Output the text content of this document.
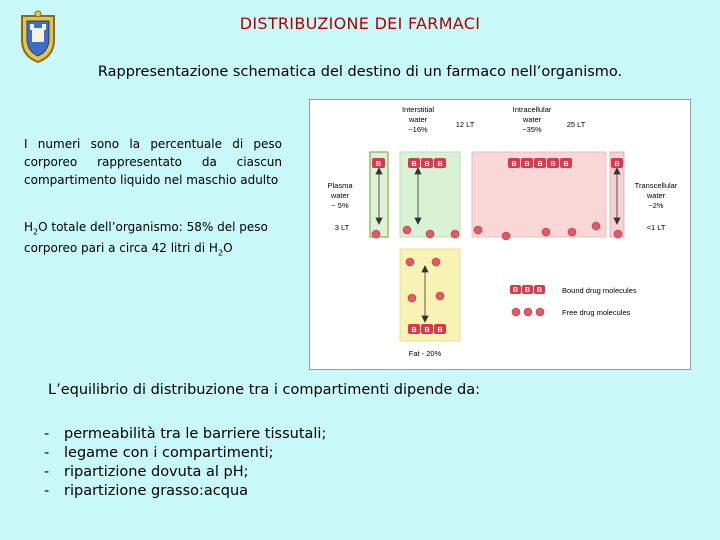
DISTRIBUZIONE DEI FARMACI
Rappresentazione schematica del destino di un farmaco nell’organismo.
I numeri sono la percentuale di peso corporeo rappresentato da ciascun compartimento liquido nel maschio adulto
$H_2O$ totale dell’organismo: 58% del peso corporeo pari a circa 42 litri di $H_2O$
Interstitial
water
~16%
12 LT
Intracellular
water
~35%
25 LT
Plasma
water
~ 5%
3 LT
Transcellular
water
~2%
<1 LT
Fat - 20%
B	B B B	B B B B B	B
B B B
B B B	Bound drug molecules
Free drug molecules
L’equilibrio di distribuzione tra i compartimenti dipende da:
- permeabilità tra le barriere tissutali;
- legame con i compartimenti;
- ripartizione dovuta al pH;
- ripartizione grasso:acqua
